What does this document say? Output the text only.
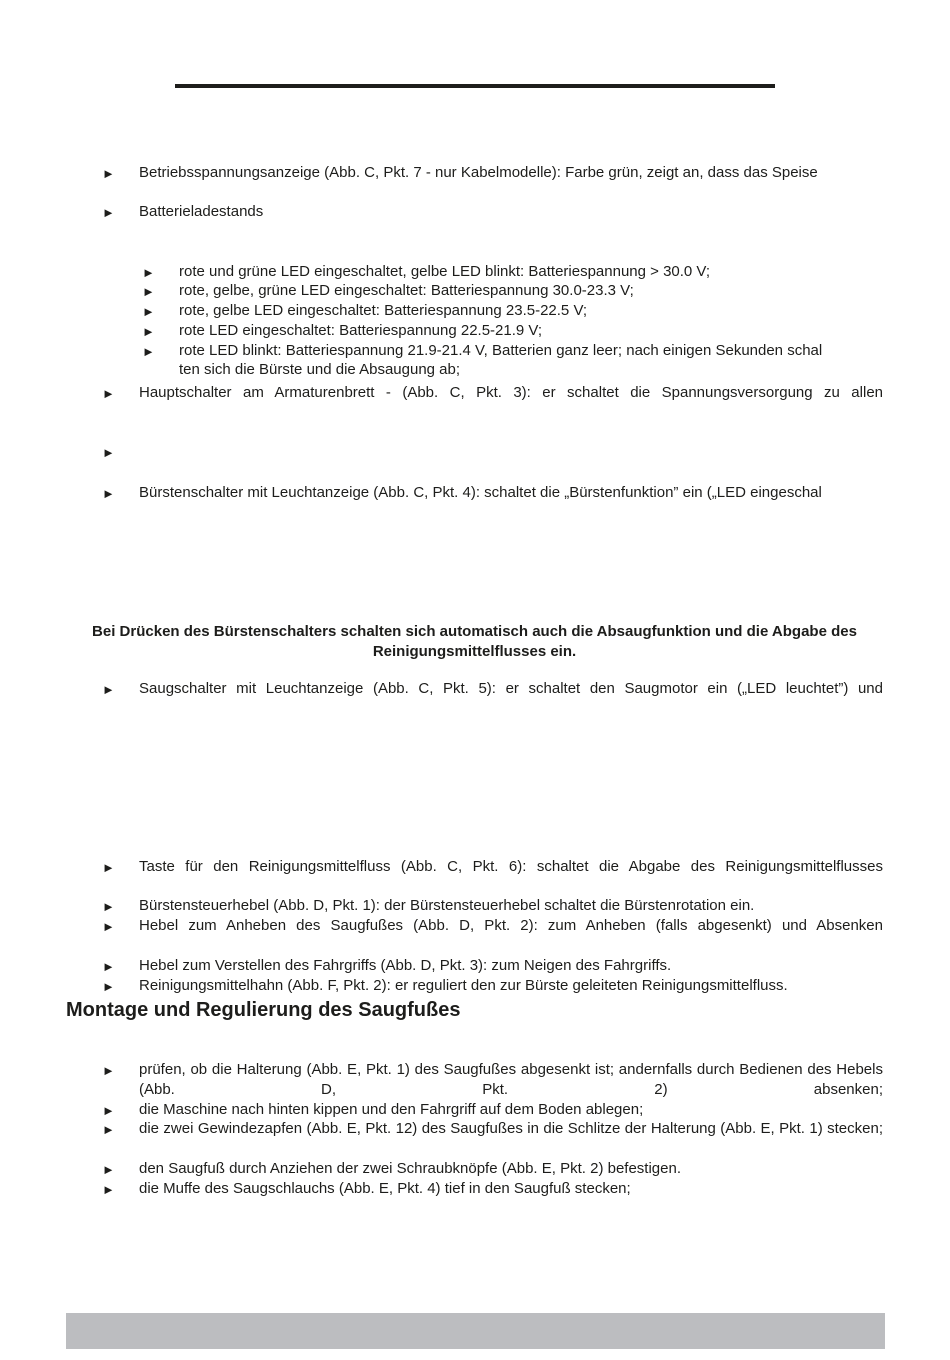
► Betriebsspannungsanzeige (Abb. C, Pkt. 7 - nur Kabelmodelle): Farbe grün, zeigt an, dass das Speise
► Batterieladestands
► rote und grüne LED eingeschaltet, gelbe LED blinkt: Batteriespannung > 30.0 V;
► rote, gelbe, grüne LED eingeschaltet: Batteriespannung 30.0-23.3 V;
► rote, gelbe LED eingeschaltet: Batteriespannung 23.5-22.5 V;
► rote LED eingeschaltet: Batteriespannung 22.5-21.9 V;
► rote LED blinkt: Batteriespannung 21.9-21.4 V, Batterien ganz leer; nach einigen Sekunden schal
ten sich die Bürste und die Absaugung ab;
► Hauptschalter am Armaturenbrett - (Abb. C, Pkt. 3): er schaltet die Spannungsversorgung zu allen
►
► Bürstenschalter mit Leuchtanzeige (Abb. C, Pkt. 4): schaltet die „Bürstenfunktion” ein („LED eingeschal
Bei Drücken des Bürstenschalters schalten sich automatisch auch die Absaugfunktion und die Abgabe des Reinigungsmittelflusses ein.
► Saugschalter mit Leuchtanzeige (Abb. C, Pkt. 5): er schaltet den Saugmotor ein („LED leuchtet”) und
► Taste für den Reinigungsmittelfluss (Abb. C, Pkt. 6): schaltet die Abgabe des Reinigungsmittelflusses
► Bürstensteuerhebel (Abb. D, Pkt. 1): der Bürstensteuerhebel schaltet die Bürstenrotation ein.
► Hebel zum Anheben des Saugfußes (Abb. D, Pkt. 2): zum Anheben (falls abgesenkt) und Absenken
► Hebel zum Verstellen des Fahrgriffs (Abb. D, Pkt. 3): zum Neigen des Fahrgriffs.
► Reinigungsmittelhahn (Abb. F, Pkt. 2): er reguliert den zur Bürste geleiteten Reinigungsmittelfluss.
Montage und Regulierung des Saugfußes
► prüfen, ob die Halterung (Abb. E, Pkt. 1) des Saugfußes abgesenkt ist; andernfalls durch Bedienen des Hebels (Abb. D, Pkt. 2) absenken;
► die Maschine nach hinten kippen und den Fahrgriff auf dem Boden ablegen;
► die zwei Gewindezapfen (Abb. E, Pkt. 12) des Saugfußes in die Schlitze der Halterung (Abb. E, Pkt. 1) stecken;
► den Saugfuß durch Anziehen der zwei Schraubknöpfe (Abb. E, Pkt. 2) befestigen.
► die Muffe des Saugschlauchs (Abb. E, Pkt. 4) tief in den Saugfuß stecken;
